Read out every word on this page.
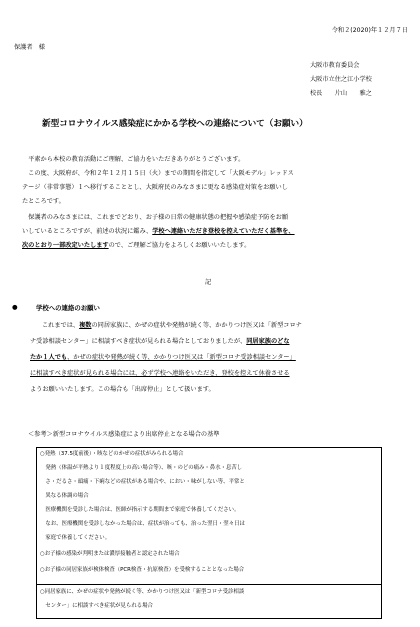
令和２(2020)年１２月７日
保護者　様
大阪市教育委員会
大阪市立住之江小学校
校長　　片山　　雅之
新型コロナウイルス感染症にかかる学校への連絡について（お願い）
　平素から本校の教育活動にご理解、ご協力をいただきありがとうございます。
　この度、大阪府が、令和２年１２月１５日（火）までの期間を指定して「大阪モデル」レッドス
テージ（非常事態）１へ移行することとし、大阪府民のみなさまに更なる感染症対策をお願いし
たところです。
　保護者のみなさまには、これまでどおり、お子様の日常の健康状態の把握や感染症予防をお願
いしているところですが、前述の状況に鑑み、学校へ連絡いただき登校を控えていただく基準を、
次のとおり一部改定いたしますので、ご理解ご協力をよろしくお願いいたします。
記
●	学校への連絡のお願い
これまでは、複数の同居家族に、かぜの症状や発熱が続く等、かかりつけ医又は「新型コロナ
ナ受診相談センター」に相談すべき症状が見られる場合としておりましたが、同居家族のどな
たか１人でも、かぜの症状や発熱が続く等、かかりつけ医又は「新型コロナ受診相談センター」
に相談すべき症状が見られる場合には、必ず学校へ連絡をいただき、登校を控えて休養させる
ようお願いいたします。この場合も「出席停止」として扱います。
＜参考＞新型コロナウイルス感染症により出席停止となる場合の基準
○発熱（37.5度前後）・咳などのかぜの症状がみられる場合
　発熱（体温が平熱より１度程度上の高い場合等）、咳・のどの痛み・鼻水・息苦し
　さ・だるさ・頭痛・下痢などの症状がある場合や、におい・味がしない等、平常と
　異なる体調の場合
　医療機関を受診した場合は、医師が指示する期間まで家庭で休養してください。
　なお、医療機関を受診しなかった場合は、症状が治っても、治った翌日・翌々日は
　家庭で休養してください。
○お子様の感染が判明または濃厚接触者と認定された場合
○お子様の同居家族が検体検査（PCR検査・抗原検査）を受検することとなった場合
○同居家族に、かぜの症状や発熱が続く等、かかりつけ医又は「新型コロナ受診相談
　センター」に相談すべき症状が見られる場合
